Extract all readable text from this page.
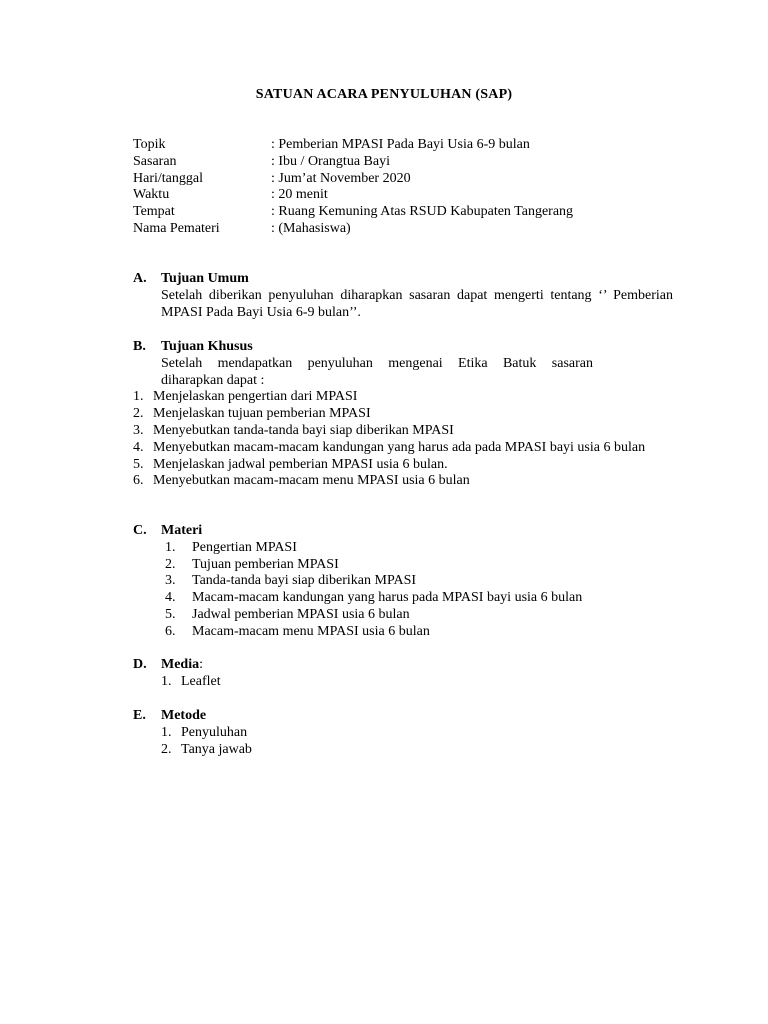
SATUAN ACARA PENYULUHAN (SAP)
Topik	: Pemberian MPASI Pada Bayi Usia 6-9 bulan
Sasaran	: Ibu / Orangtua Bayi
Hari/tanggal	: Jum’at November 2020
Waktu	: 20 menit
Tempat	: Ruang Kemuning Atas RSUD Kabupaten Tangerang
Nama Pemateri	: (Mahasiswa)
A.	Tujuan Umum
Setelah diberikan penyuluhan diharapkan sasaran dapat mengerti tentang ‘’ Pemberian MPASI Pada Bayi Usia 6-9 bulan’’.
B.	Tujuan Khusus
Setelah mendapatkan penyuluhan mengenai Etika Batuk sasaran
diharapkan dapat :
1. Menjelaskan pengertian dari MPASI
2. Menjelaskan tujuan pemberian MPASI
3. Menyebutkan tanda-tanda bayi siap diberikan MPASI
4. Menyebutkan macam-macam kandungan yang harus ada pada MPASI bayi usia 6 bulan
5. Menjelaskan jadwal pemberian MPASI usia 6 bulan.
6. Menyebutkan macam-macam menu MPASI usia 6 bulan
C.	Materi
1.	Pengertian MPASI
2.	Tujuan pemberian MPASI
3.	Tanda-tanda bayi siap diberikan MPASI
4.	Macam-macam kandungan yang harus pada MPASI bayi usia 6 bulan
5.	Jadwal pemberian MPASI usia 6 bulan
6.	Macam-macam menu MPASI usia 6 bulan
D.	Media :
1. Leaflet
E.	Metode
1. Penyuluhan
2. Tanya jawab
